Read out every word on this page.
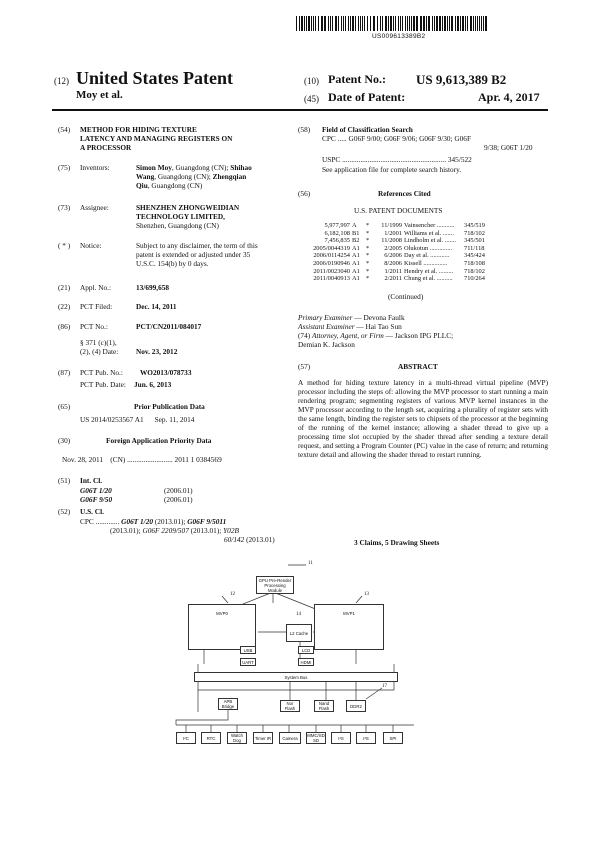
US009613389B2
(12) United States Patent
Moy et al.
(10) Patent No.: US 9,613,389 B2
(45) Date of Patent:	Apr. 4, 2017
(54) METHOD FOR HIDING TEXTURE
LATENCY AND MANAGING REGISTERS ON
A PROCESSOR
(75) Inventors:	Simon Moy, Guangdong (CN); Shihao
Wang, Guangdong (CN); Zhengqian
Qiu, Guangdong (CN)
(73) Assignee:	SHENZHEN ZHONGWEIDIAN
TECHNOLOGY LIMITED,
Shenzhen, Guangdong (CN)
( * ) Notice:	Subject to any disclaimer, the term of this
patent is extended or adjusted under 35
U.S.C. 154(b) by 0 days.
(21) Appl. No.:	13/699,658
(22) PCT Filed:	Dec. 14, 2011
(86) PCT No.:	PCT/CN2011/084017
§ 371 (c)(1),
(2), (4) Date: Nov. 23, 2012
(87) PCT Pub. No.: WO2013/078733
PCT Pub. Date: Jun. 6, 2013
(65)	Prior Publication Data
US 2014/0253567 A1      Sep. 11, 2014
(30)	Foreign Application Priority Data
Nov. 28, 2011    (CN) ......................... 2011 1 0384569
(51) Int. Cl.
G06T 1/20	(2006.01)
G06F 9/50	(2006.01)
(52) U.S. Cl.
CPC ............. G06T 1/20 (2013.01); G06F 9/5011
(2013.01); G06F 2209/507 (2013.01); Y02B
60/142 (2013.01)
(58) Field of Classification Search
CPC ..... G06F 9/00; G06F 9/06; G06F 9/30; G06F
9/38; G06T 1/20
USPC ......................................................... 345/522
See application file for complete search history.
(56)	References Cited
U.S. PATENT DOCUMENTS
5,977,997	A	*	11/1999	Vainsencher ...........	345/519
6,182,108	B1	*	1/2001	Williams et al. .......	718/102
7,456,835	B2	*	11/2008	Lindholm et al. .......	345/501
2005/0044319	A1	*	2/2005	Olukotun ..............	711/118
2006/0114254	A1	*	6/2006	Day et al. ............	345/424
2006/0190946	A1	*	8/2006	Kissell ...............	718/108
2011/0023040	A1	*	1/2011	Hendry et al. .........	718/102
2011/0040913	A1	*	2/2011	Chung et al. ..........	710/264
(Continued)
Primary Examiner — Devona Faulk
Assistant Examiner — Hai Tao Sun
(74) Attorney, Agent, or Firm — Jackson IPG PLLC;
Demian K. Jackson
(57)	ABSTRACT
A method for hiding texture latency in a multi-thread virtual pipeline (MVP) processor including the steps of: allowing the MVP processor to start running a main rendering program; segmenting registers of various MVP kernel instances in the MVP processor according to the length set, acquiring a plurality of register sets with the same length, binding the register sets to chipsets of the processor at the beginning of the running of the kernel instance; allowing a shader thread to give up a processing time slot occupied by the shader thread after sending a texture detail request, and setting a Program Counter (PC) value in the case of return; and returning texture detail and allowing the shader thread to restart running.
3 Claims, 5 Drawing Sheets
GPU Pre-Render Processing Module
11
MVP0	MVP1
12	13
L2 Cache
14
USB	LCD
UART	HDMI
System Bus
APB Bridge
Nor Flash
Nand Flash	DDR2
17
I²C	RTC	Watch Dog	Timer IR	Camera	MMC/SD SD	I²S	I²S	SPI
